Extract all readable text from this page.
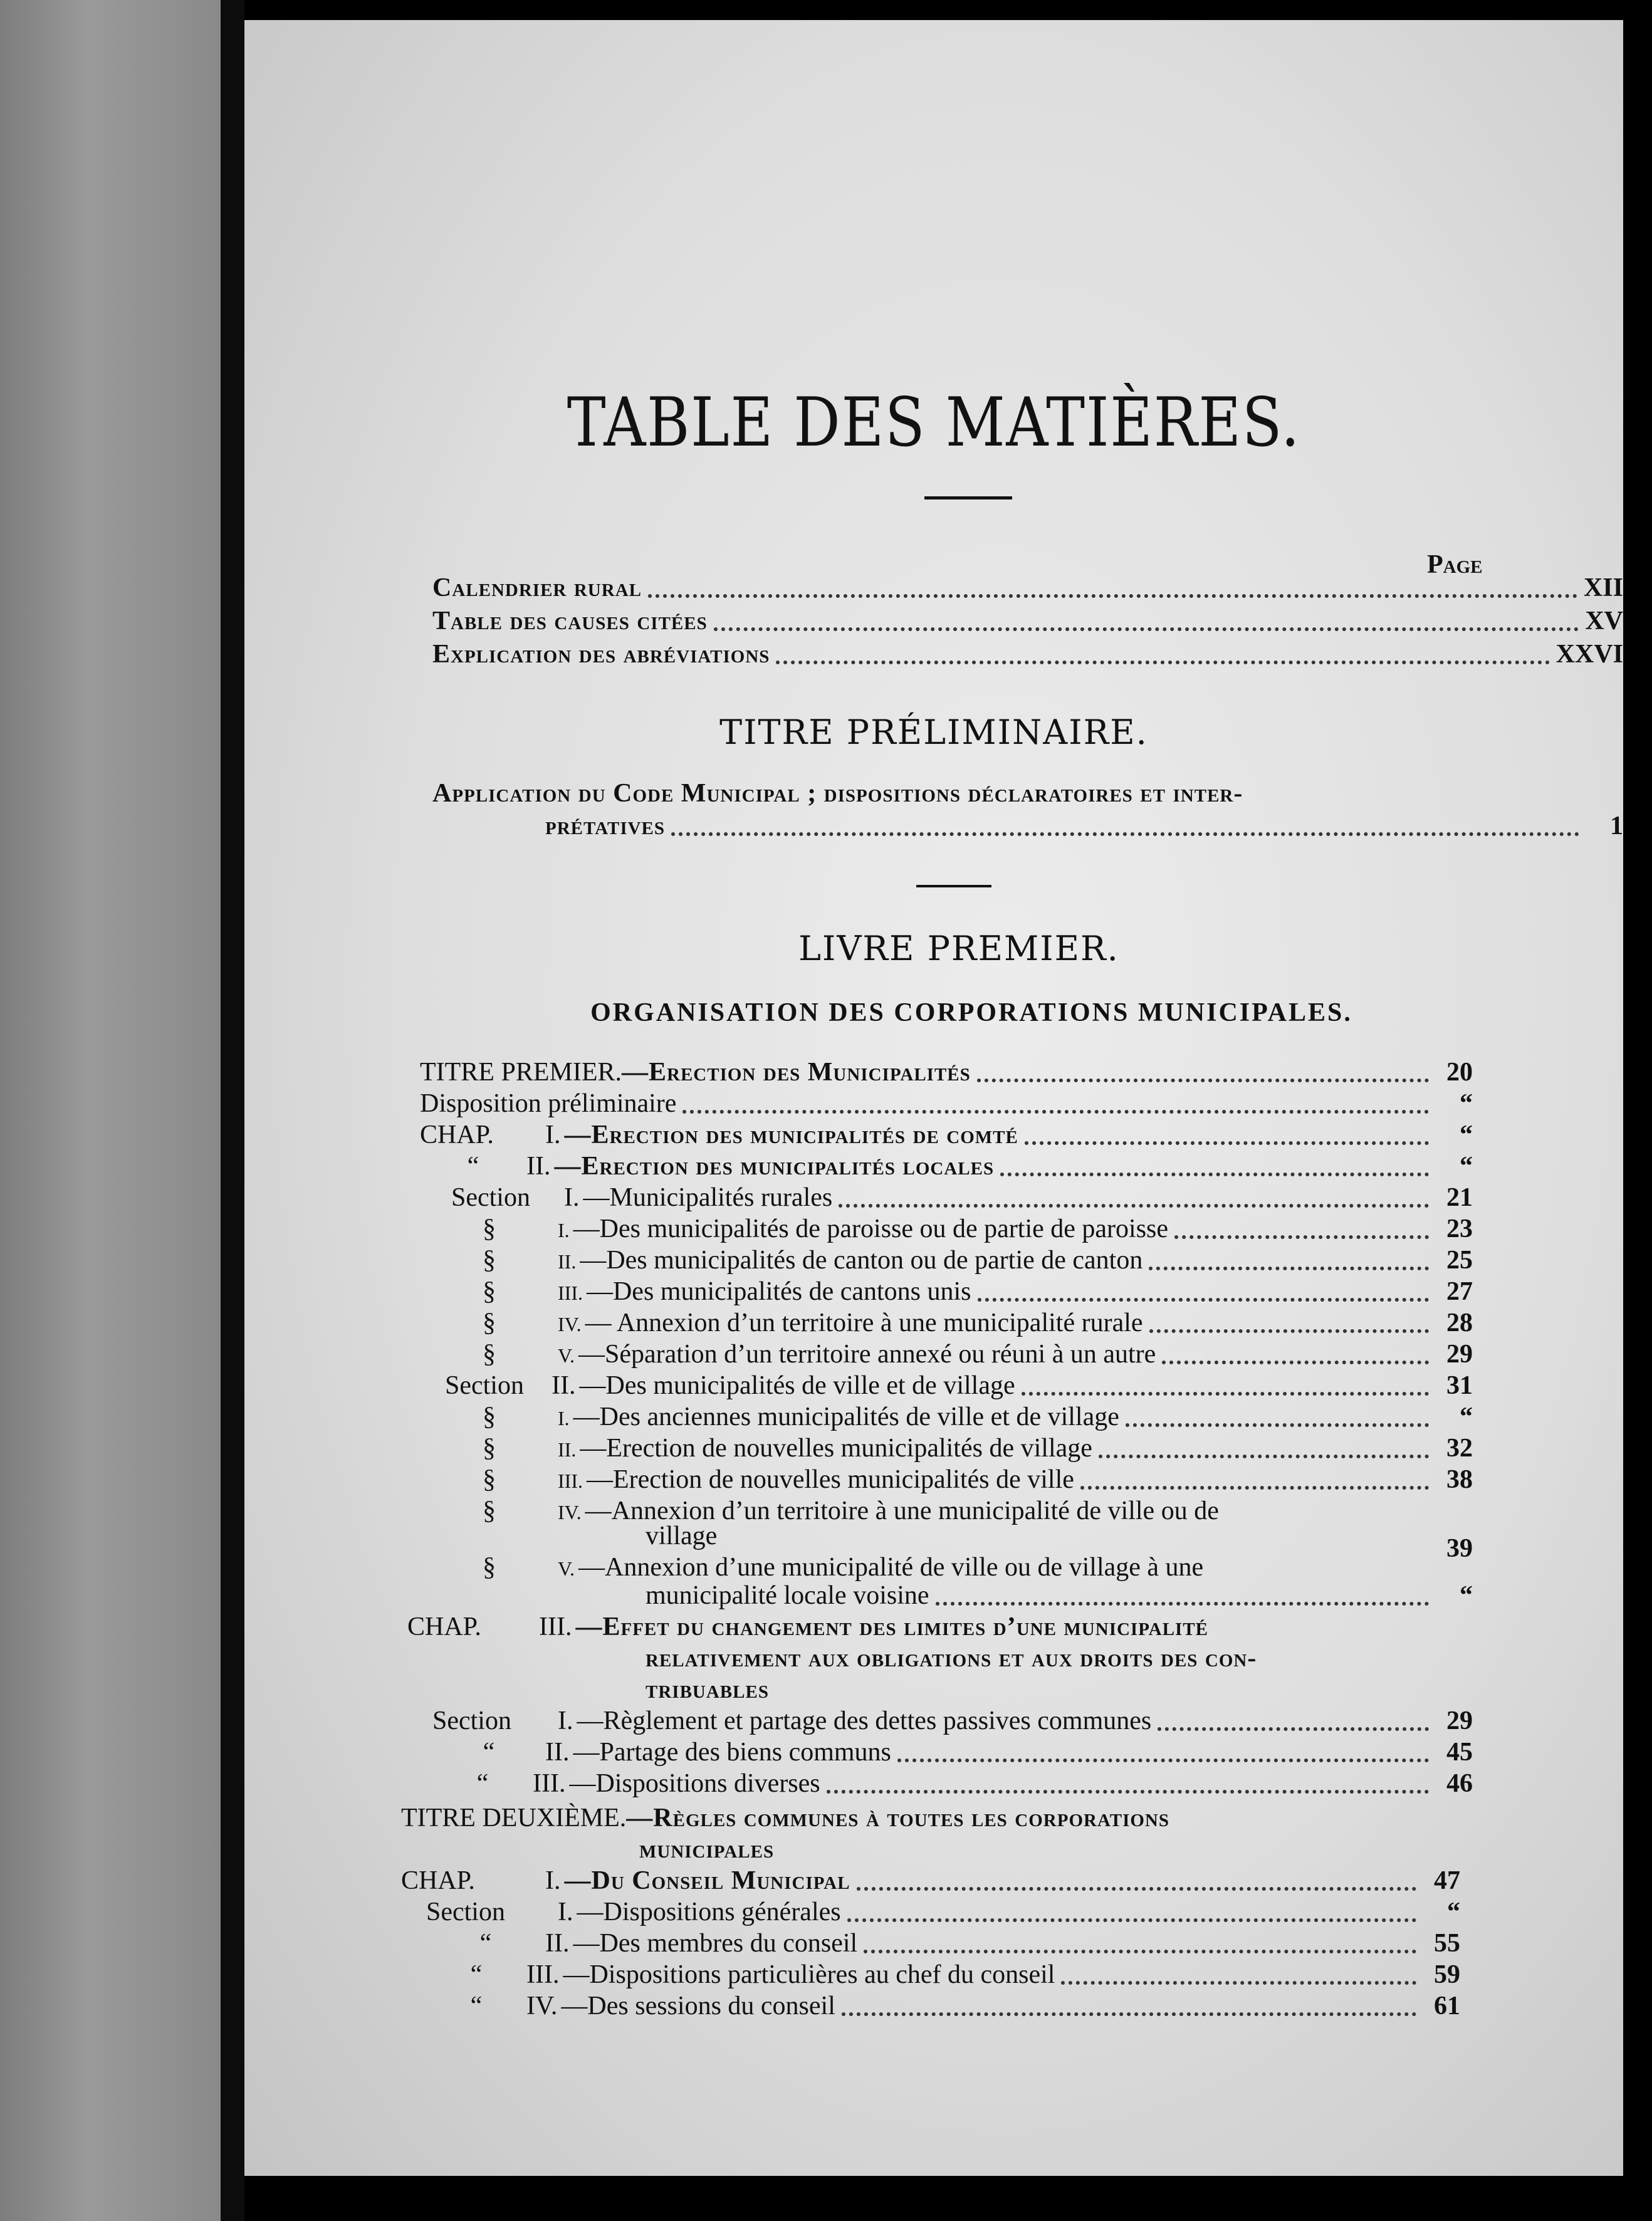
TABLE DES MATIÈRES.
Page
Calendrier rural	XII
Table des causes citées	XV
Explication des abréviations	XXVI
TITRE PRÉLIMINAIRE.
Application du Code Municipal ; dispositions déclaratoires et inter-
prétatives	1
LIVRE PREMIER.
ORGANISATION DES CORPORATIONS MUNICIPALES.
TITRE PREMIER.—Erection des Municipalités	20
Disposition préliminaire	“
CHAP. I. —Erection des municipalités de comté	“
“ II. —Erection des municipalités locales	“
Section I. —Municipalités rurales	21
§	I. —Des municipalités de paroisse ou de partie de paroisse	23
§	II. —Des municipalités de canton ou de partie de canton	25
§	III. —Des municipalités de cantons unis	27
§	IV. — Annexion d’un territoire à une municipalité rurale	28
§	V. —Séparation d’un territoire annexé ou réuni à un autre	29
Section II. —Des municipalités de ville et de village	31
§	I. —Des anciennes municipalités de ville et de village	“
§	II. —Erection de nouvelles municipalités de village	32
§	III. —Erection de nouvelles municipalités de ville	38
§	IV. —Annexion d’un territoire à une municipalité de ville ou de
village	39
§	V. —Annexion d’une municipalité de ville ou de village à une
municipalité locale voisine	“
CHAP. III. —Effet du changement des limites d’une municipalité
relativement aux obligations et aux droits des con-
tribuables
Section I. —Règlement et partage des dettes passives communes	29
“ II. —Partage des biens communs	45
“ III. —Dispositions diverses	46
TITRE DEUXIÈME.—Règles communes à toutes les corporations
municipales
CHAP.	I. —Du Conseil Municipal	47
Section I. —Dispositions générales	“
“ II. —Des membres du conseil	55
“ III. —Dispositions particulières au chef du conseil	59
“ IV. —Des sessions du conseil	61
